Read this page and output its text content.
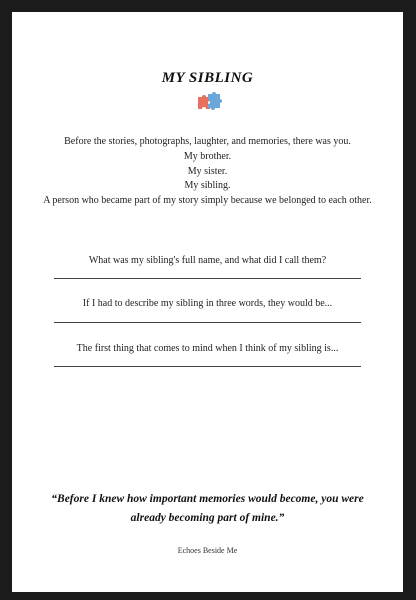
MY SIBLING
Before the stories, photographs, laughter, and memories, there was you.
My brother.
My sister.
My sibling.
A person who became part of my story simply because we belonged to each other.
What was my sibling's full name, and what did I call them?
If I had to describe my sibling in three words, they would be...
The first thing that comes to mind when I think of my sibling is...
“Before I knew how important memories would become, you were already becoming part of mine.”
Echoes Beside Me
